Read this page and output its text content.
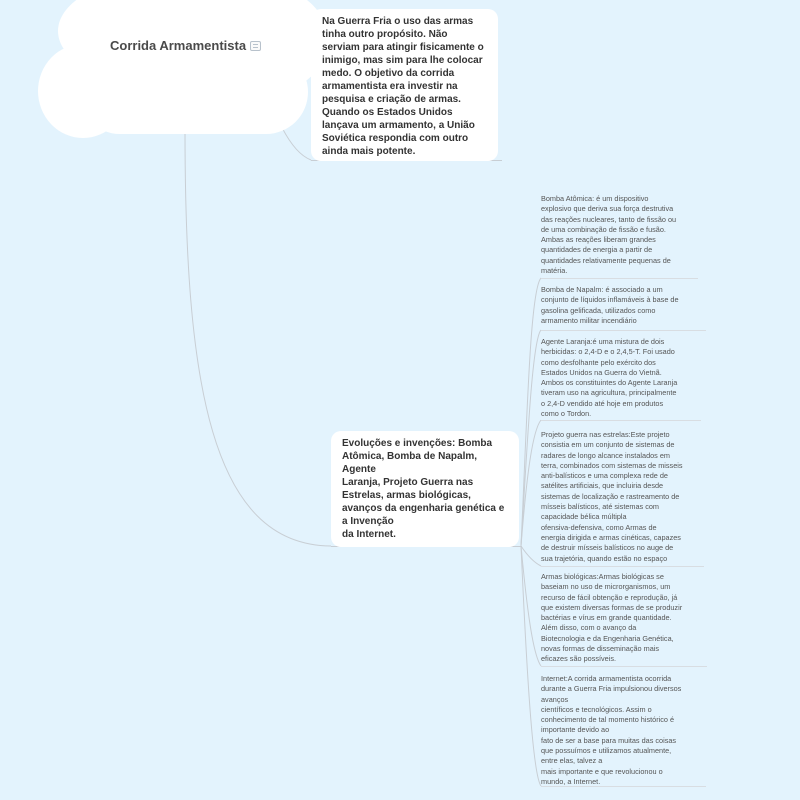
Corrida Armamentista
Na Guerra Fria o uso das armas
tinha outro propósito. Não
serviam para atingir fisicamente o
inimigo, mas sim para lhe colocar
medo. O objetivo da corrida
armamentista era investir na
pesquisa e criação de armas.
Quando os Estados Unidos
lançava um armamento, a União
Soviética respondia com outro
ainda mais potente.
Evoluções e invenções: Bomba
Atômica, Bomba de Napalm,
Agente
Laranja, Projeto Guerra nas
Estrelas, armas biológicas,
avanços da engenharia genética e
a Invenção
da Internet.
Bomba Atômica: é um dispositivo
explosivo que deriva sua força destrutiva
das reações nucleares, tanto de fissão ou
de uma combinação de fissão e fusão.
Ambas as reações liberam grandes
quantidades de energia a partir de
quantidades relativamente pequenas de
matéria.
Bomba de Napalm: é associado a um
conjunto de líquidos inflamáveis à base de
gasolina gelificada, utilizados como
armamento militar incendiário
Agente Laranja:é uma mistura de dois
herbicidas: o 2,4-D e o 2,4,5-T. Foi usado
como desfolhante pelo exército dos
Estados Unidos na Guerra do Vietnã.
Ambos os constituintes do Agente Laranja
tiveram uso na agricultura, principalmente
o 2,4-D vendido até hoje em produtos
como o Tordon.
Projeto guerra nas estrelas:Este projeto
consistia em um conjunto de sistemas de
radares de longo alcance instalados em
terra, combinados com sistemas de misseis
anti-balísticos e uma complexa rede de
satélites artificiais, que incluiria desde
sistemas de localização e rastreamento de
mísseis balísticos, até sistemas com
capacidade bélica múltipla
ofensiva-defensiva, como Armas de
energia dirigida e armas cinéticas, capazes
de destruir mísseis balísticos no auge de
sua trajetória, quando estão no espaço
Armas biológicas:Armas biológicas se
baseiam no uso de microrganismos, um
recurso de fácil obtenção e reprodução, já
que existem diversas formas de se produzir
bactérias e vírus em grande quantidade.
Além disso, com o avanço da
Biotecnologia e da Engenharia Genética,
novas formas de disseminação mais
eficazes são possíveis.
Internet:A corrida armamentista ocorrida
durante a Guerra Fria impulsionou diversos
avanços
científicos e tecnológicos. Assim o
conhecimento de tal momento histórico é
importante devido ao
fato de ser a base para muitas das coisas
que possuímos e utilizamos atualmente,
entre elas, talvez a
mais importante e que revolucionou o
mundo, a Internet.
